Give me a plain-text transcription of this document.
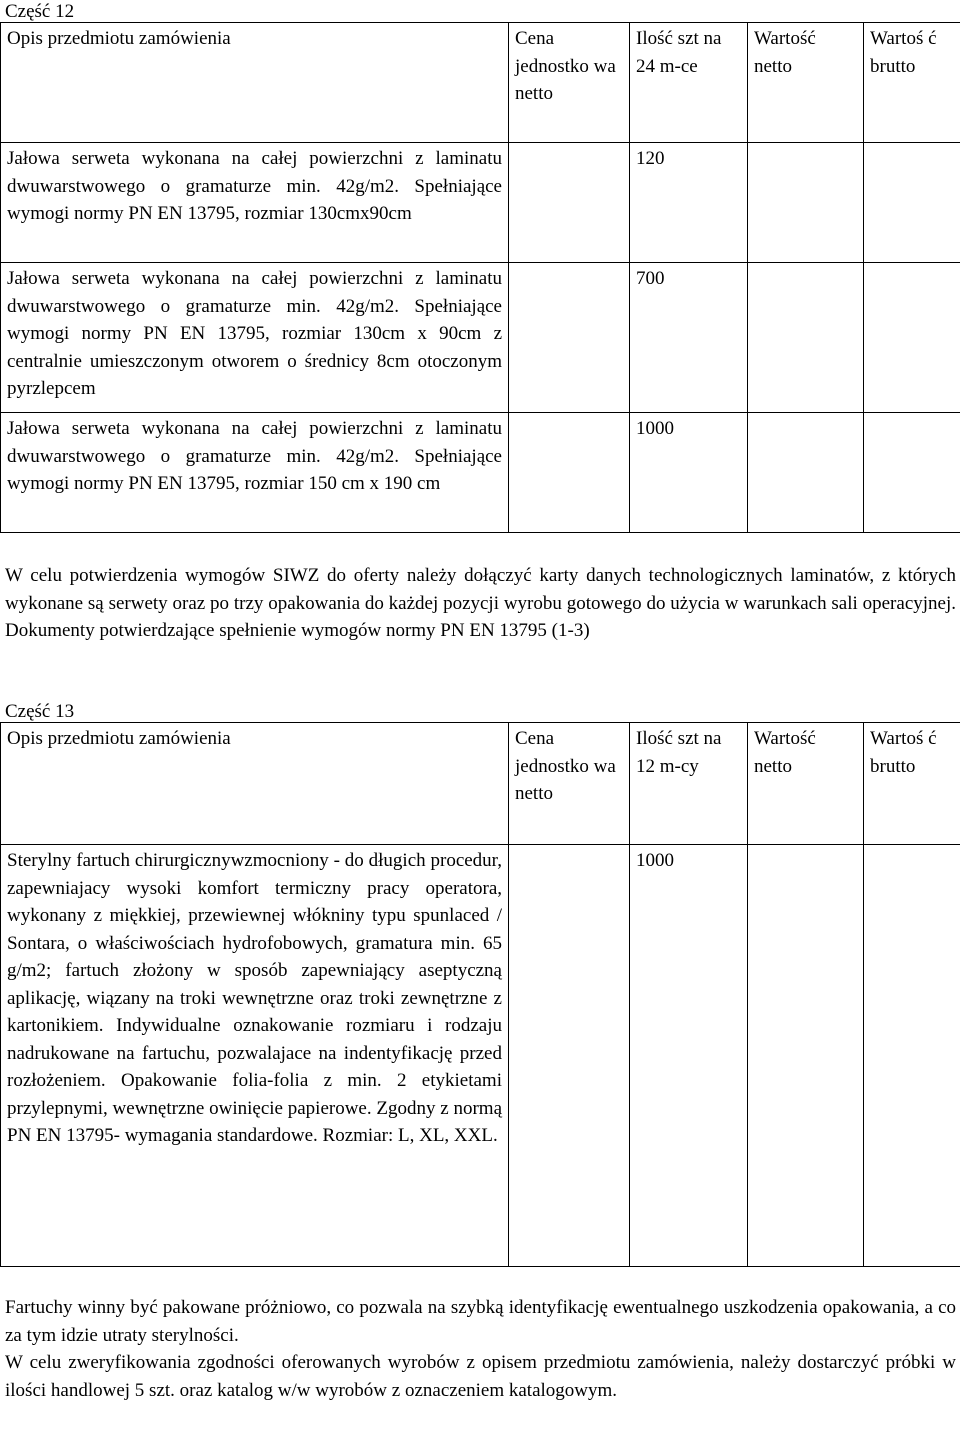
Część 12
Opis przedmiotu zamówienia	Cena jednostko wa netto	Ilość szt na 24 m-ce	Wartość netto	Wartoś ć brutto
Jałowa serweta wykonana na całej powierzchni z laminatu dwuwarstwowego o gramaturze min. 42g/m2. Spełniające wymogi normy PN EN 13795, rozmiar 130cmx90cm		120		
Jałowa serweta wykonana na całej powierzchni z laminatu dwuwarstwowego o gramaturze min. 42g/m2. Spełniające wymogi normy PN EN 13795, rozmiar 130cm x 90cm z centralnie umieszczonym otworem o średnicy 8cm otoczonym pyrzlepcem		700		
Jałowa serweta wykonana na całej powierzchni z laminatu dwuwarstwowego o gramaturze min. 42g/m2. Spełniające wymogi normy PN EN 13795, rozmiar 150 cm x 190 cm		1000		

W celu potwierdzenia wymogów SIWZ do oferty należy dołączyć karty danych technologicznych laminatów, z których wykonane są serwety oraz po trzy opakowania do każdej pozycji wyrobu gotowego do użycia w warunkach sali operacyjnej. Dokumenty potwierdzające spełnienie wymogów normy PN EN 13795 (1-3)

Część 13
Opis przedmiotu zamówienia	Cena jednostko wa netto	Ilość szt na 12 m-cy	Wartość netto	Wartoś ć brutto
Sterylny fartuch chirurgicznywzmocniony - do długich procedur, zapewniajacy wysoki komfort termiczny pracy operatora, wykonany z miękkiej, przewiewnej włókniny typu spunlaced / Sontara, o właściwościach hydrofobowych, gramatura min. 65 g/m2; fartuch złożony w sposób zapewniający aseptyczną aplikację, wiązany na troki wewnętrzne oraz troki zewnętrzne z kartonikiem. Indywidualne oznakowanie rozmiaru i rodzaju nadrukowane na fartuchu, pozwalajace na indentyfikację przed rozłożeniem. Opakowanie folia-folia z min. 2 etykietami przylepnymi, wewnętrzne owinięcie papierowe. Zgodny z normą PN EN 13795- wymagania standardowe. Rozmiar: L, XL, XXL.		1000		

Fartuchy winny być pakowane próżniowo, co pozwala na szybką identyfikację ewentualnego uszkodzenia opakowania, a co za tym idzie utraty sterylności.

W celu zweryfikowania zgodności oferowanych wyrobów z opisem przedmiotu zamówienia, należy dostarczyć próbki w ilości handlowej 5 szt. oraz katalog w/w wyrobów z oznaczeniem katalogowym.
